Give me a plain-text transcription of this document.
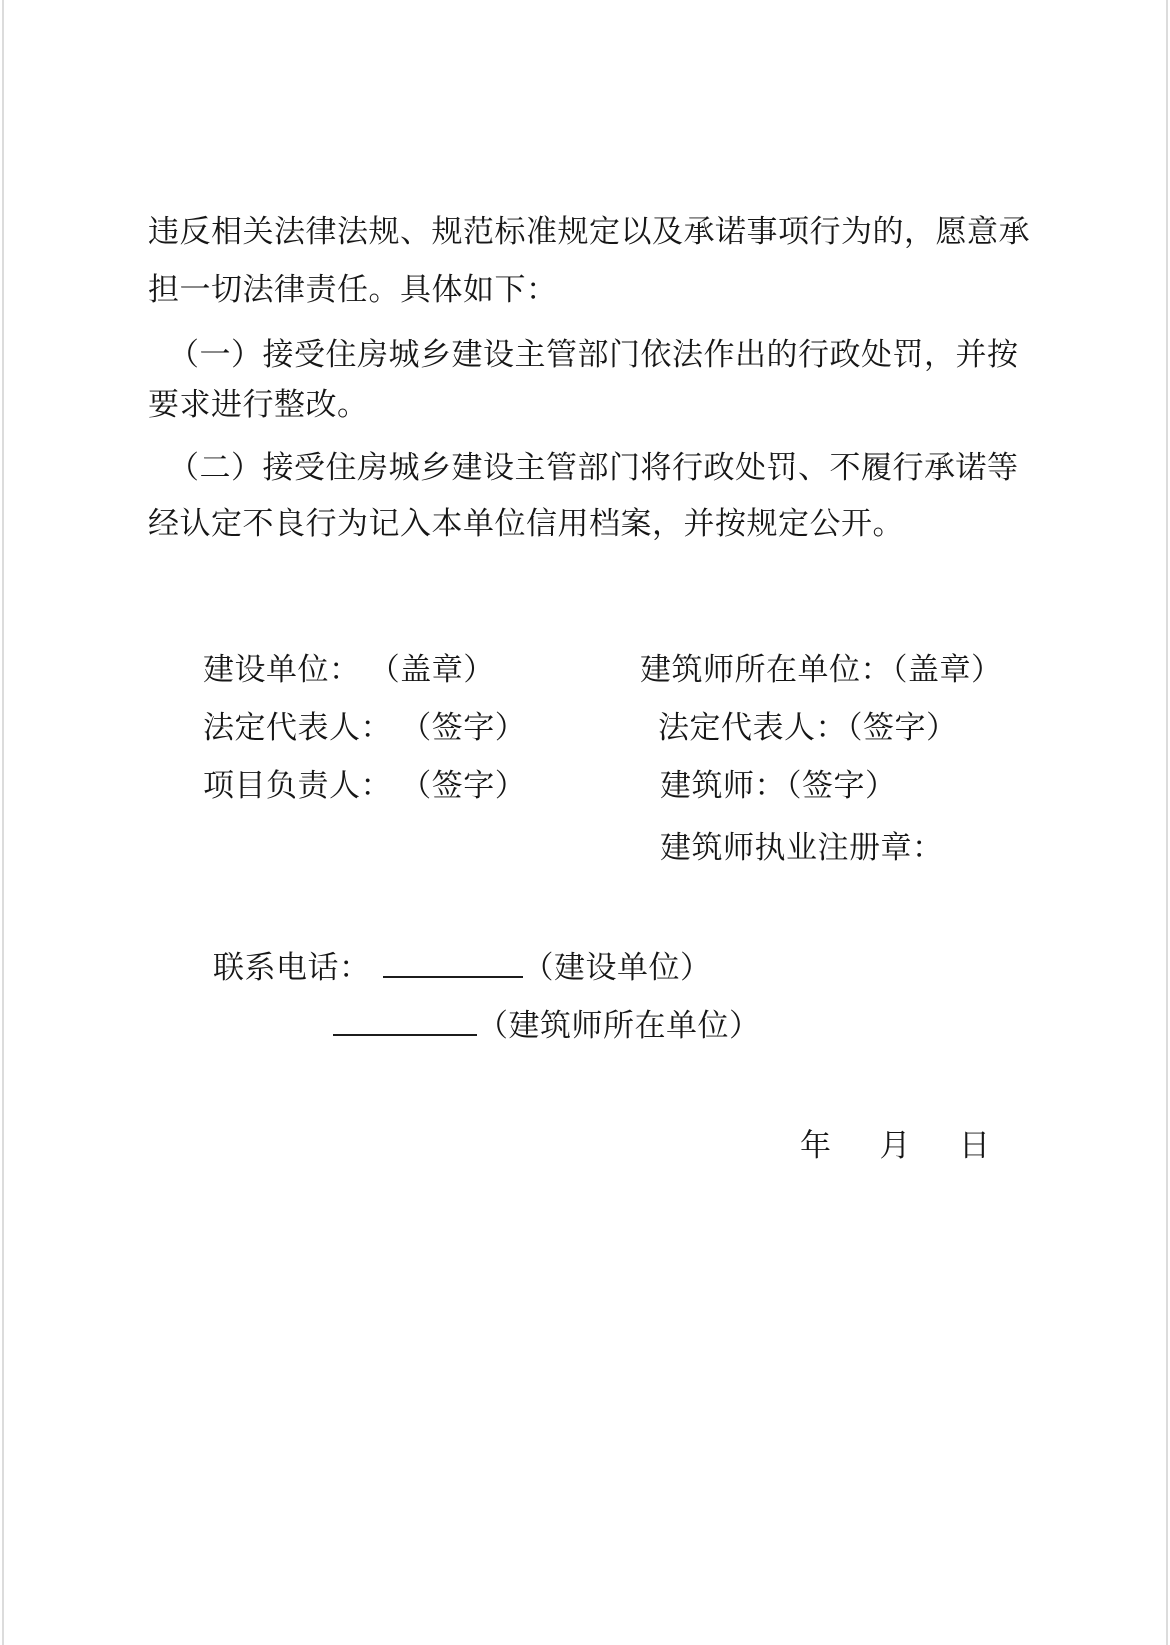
违反相关法律法规、规范标准规定以及承诺事项行为的，愿意承
担一切法律责任。具体如下：
（一）接受住房城乡建设主管部门依法作出的行政处罚，并按
要求进行整改。
（二）接受住房城乡建设主管部门将行政处罚、不履行承诺等
经认定不良行为记入本单位信用档案，并按规定公开。
建设单位： （盖章）	建筑师所在单位：（盖章）
法定代表人： （签字）	法定代表人：（签字）
项目负责人： （签字）	建筑师：（签字）
建筑师执业注册章：
联系电话：	（建设单位）
（建筑师所在单位）
年 月 日
